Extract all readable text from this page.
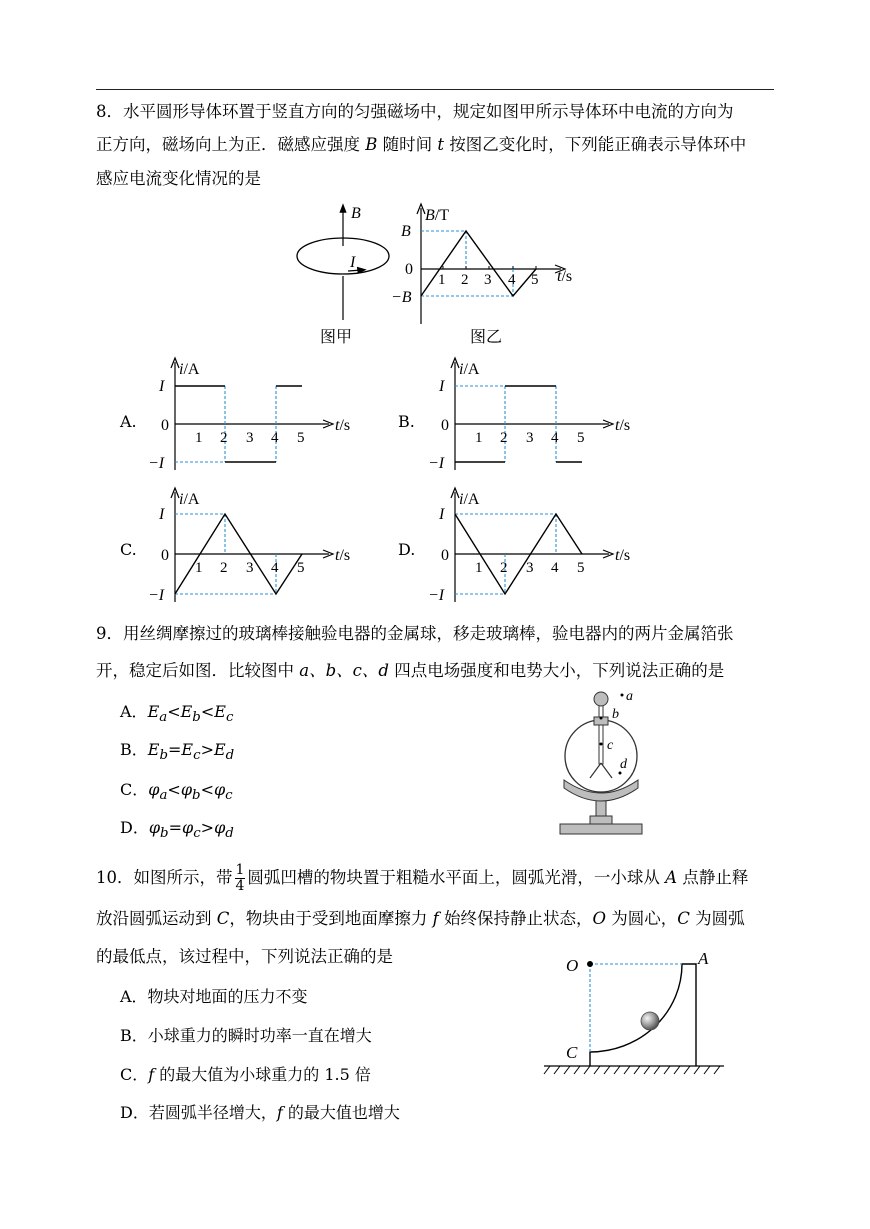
8．水平圆形导体环置于竖直方向的匀强磁场中，规定如图甲所示导体环中电流的方向为
正方向，磁场向上为正．磁感应强度 B 随时间 t 按图乙变化时，下列能正确表示导体环中
感应电流变化情况的是
B
I
图甲
B/T
B
0
−B
1 2 3 4 5 t/s
图乙
A.
i/A
I
0
−I
1 2 3 4 5
t/s	B.
i/A
I
0
−I
1 2 3 4 5
t/s
C.
i/A
I
0
−I
1 2 3 4 5
t/s	D.
i/A
I
0
−I
1 2 3 4 5
t/s
9．用丝绸摩擦过的玻璃棒接触验电器的金属球，移走玻璃棒，验电器内的两片金属箔张
开，稳定后如图．比较图中 a、b、c、d 四点电场强度和电势大小，下列说法正确的是
A．$E_a<E_b<E_c$
B．$E_b=E_c>E_d$
C．$\varphi_a<\varphi_b<\varphi_c$
D．$\varphi_b=\varphi_c>\varphi_d$
a
b
c
d
10．如图所示，带 $\frac{1}{4}$ 圆弧凹槽的物块置于粗糙水平面上，圆弧光滑，一小球从 A 点静止释
放沿圆弧运动到 C，物块由于受到地面摩擦力 f 始终保持静止状态，O 为圆心，C 为圆弧
的最低点，该过程中，下列说法正确的是
A．物块对地面的压力不变
B．小球重力的瞬时功率一直在增大
C．f 的最大值为小球重力的 1.5 倍
D．若圆弧半径增大，f 的最大值也增大
O	A
C
